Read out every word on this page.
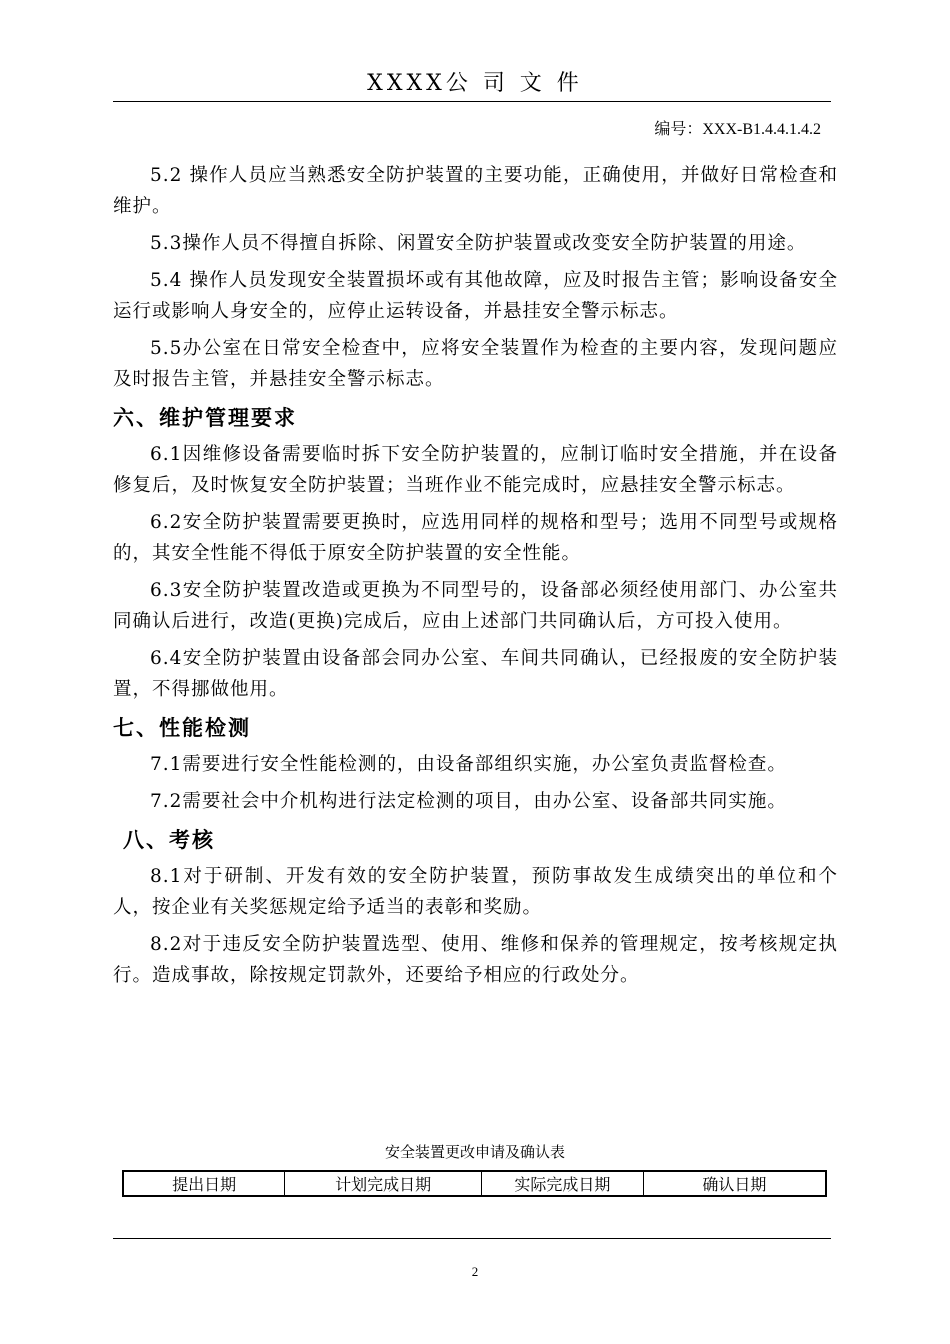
XXXX公 司 文 件
编号：XXX-B1.4.4.1.4.2

5.2 操作人员应当熟悉安全防护装置的主要功能，正确使用，并做好日常检查和维护。

5.3操作人员不得擅自拆除、闲置安全防护装置或改变安全防护装置的用途。

5.4 操作人员发现安全装置损坏或有其他故障，应及时报告主管；影响设备安全运行或影响人身安全的，应停止运转设备，并悬挂安全警示标志。

5.5办公室在日常安全检查中，应将安全装置作为检查的主要内容，发现问题应及时报告主管，并悬挂安全警示标志。

六、维护管理要求

6.1因维修设备需要临时拆下安全防护装置的，应制订临时安全措施，并在设备修复后，及时恢复安全防护装置；当班作业不能完成时，应悬挂安全警示标志。

6.2安全防护装置需要更换时，应选用同样的规格和型号；选用不同型号或规格的，其安全性能不得低于原安全防护装置的安全性能。

6.3安全防护装置改造或更换为不同型号的，设备部必须经使用部门、办公室共同确认后进行，改造(更换)完成后，应由上述部门共同确认后，方可投入使用。

6.4安全防护装置由设备部会同办公室、车间共同确认，已经报废的安全防护装置，不得挪做他用。

七、性能检测

7.1需要进行安全性能检测的，由设备部组织实施，办公室负责监督检查。

7.2需要社会中介机构进行法定检测的项目，由办公室、设备部共同实施。

八、考核

8.1对于研制、开发有效的安全防护装置，预防事故发生成绩突出的单位和个人，按企业有关奖惩规定给予适当的表彰和奖励。

8.2对于违反安全防护装置选型、使用、维修和保养的管理规定，按考核规定执行。造成事故，除按规定罚款外，还要给予相应的行政处分。

安全装置更改申请及确认表
提出日期	计划完成日期	实际完成日期	确认日期
2
